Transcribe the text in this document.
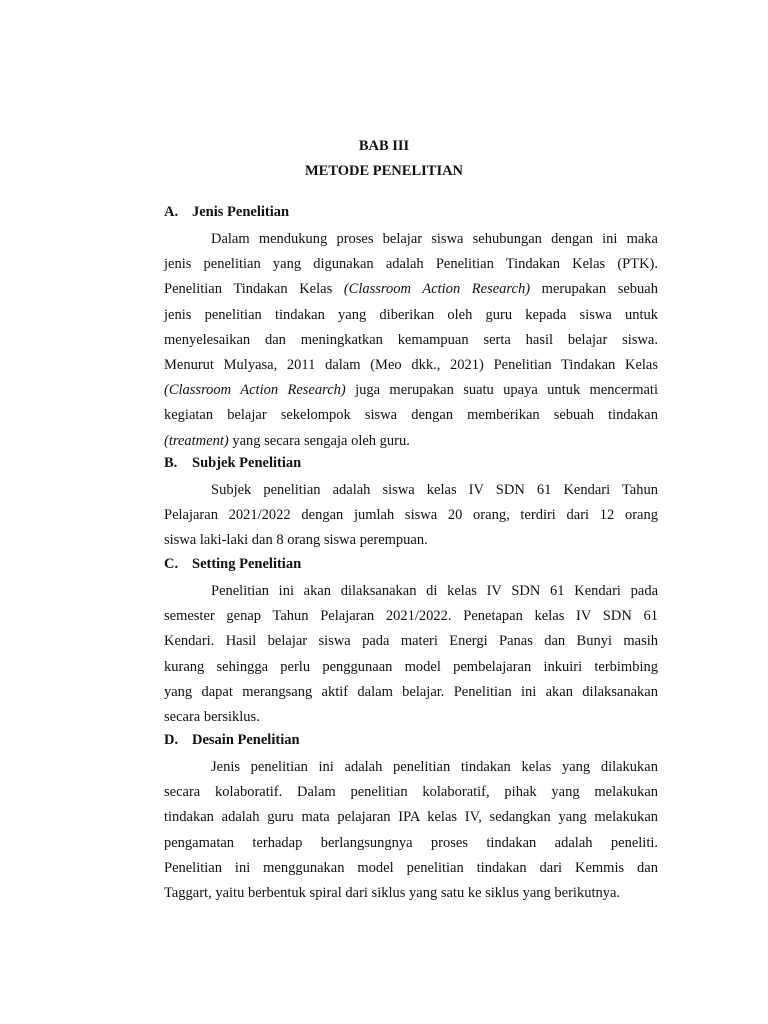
BAB III
METODE PENELITIAN
A. Jenis Penelitian
Dalam mendukung proses belajar siswa sehubungan dengan ini maka
jenis penelitian yang digunakan adalah Penelitian Tindakan Kelas (PTK).
Penelitian Tindakan Kelas (Classroom Action Research) merupakan sebuah
jenis penelitian tindakan yang diberikan oleh guru kepada siswa untuk
menyelesaikan dan meningkatkan kemampuan serta hasil belajar siswa.
Menurut Mulyasa, 2011 dalam (Meo dkk., 2021) Penelitian Tindakan Kelas
(Classroom Action Research) juga merupakan suatu upaya untuk mencermati
kegiatan belajar sekelompok siswa dengan memberikan sebuah tindakan
(treatment) yang secara sengaja oleh guru.
B. Subjek Penelitian
Subjek penelitian adalah siswa kelas IV SDN 61 Kendari Tahun
Pelajaran 2021/2022 dengan jumlah siswa 20 orang, terdiri dari 12 orang
siswa laki-laki dan 8 orang siswa perempuan.
C. Setting Penelitian
Penelitian ini akan dilaksanakan di kelas IV SDN 61 Kendari pada
semester genap Tahun Pelajaran 2021/2022. Penetapan kelas IV SDN 61
Kendari. Hasil belajar siswa pada materi Energi Panas dan Bunyi masih
kurang sehingga perlu penggunaan model pembelajaran inkuiri terbimbing
yang dapat merangsang aktif dalam belajar. Penelitian ini akan dilaksanakan
secara bersiklus.
D. Desain Penelitian
Jenis penelitian ini adalah penelitian tindakan kelas yang dilakukan
secara kolaboratif. Dalam penelitian kolaboratif, pihak yang melakukan
tindakan adalah guru mata pelajaran IPA kelas IV, sedangkan yang melakukan
pengamatan terhadap berlangsungnya proses tindakan adalah peneliti.
Penelitian ini menggunakan model penelitian tindakan dari Kemmis dan
Taggart, yaitu berbentuk spiral dari siklus yang satu ke siklus yang berikutnya.
